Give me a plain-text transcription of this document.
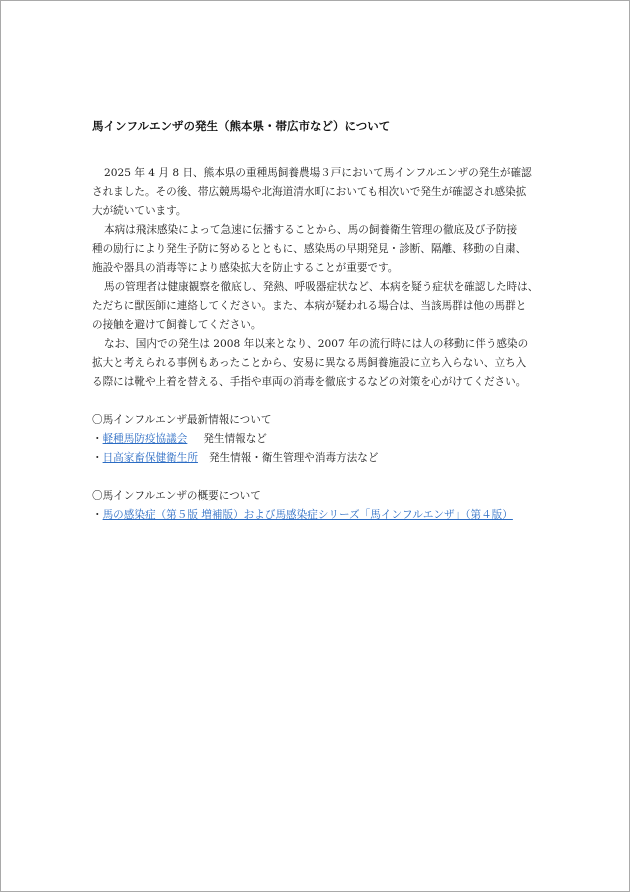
馬インフルエンザの発生（熊本県・帯広市など）について
2025 年 4 月 8 日、熊本県の重種馬飼養農場３戸において馬インフルエンザの発生が確認
されました。その後、帯広競馬場や北海道清水町においても相次いで発生が確認され感染拡
大が続いています。
本病は飛沫感染によって急速に伝播することから、馬の飼養衛生管理の徹底及び予防接
種の励行により発生予防に努めるとともに、感染馬の早期発見・診断、隔離、移動の自粛、
施設や器具の消毒等により感染拡大を防止することが重要です。
馬の管理者は健康観察を徹底し、発熱、呼吸器症状など、本病を疑う症状を確認した時は、
ただちに獣医師に連絡してください。また、本病が疑われる場合は、当該馬群は他の馬群と
の接触を避けて飼養してください。
なお、国内での発生は 2008 年以来となり、2007 年の流行時には人の移動に伴う感染の
拡大と考えられる事例もあったことから、安易に異なる馬飼養施設に立ち入らない、立ち入
る際には靴や上着を替える、手指や車両の消毒を徹底するなどの対策を心がけてください。
〇馬インフルエンザ最新情報について
・軽種馬防疫協議会 発生情報など
・日高家畜保健衛生所 発生情報・衛生管理や消毒方法など
〇馬インフルエンザの概要について
・馬の感染症（第５版 増補版）および馬感染症シリーズ「馬インフルエンザ」（第４版）
